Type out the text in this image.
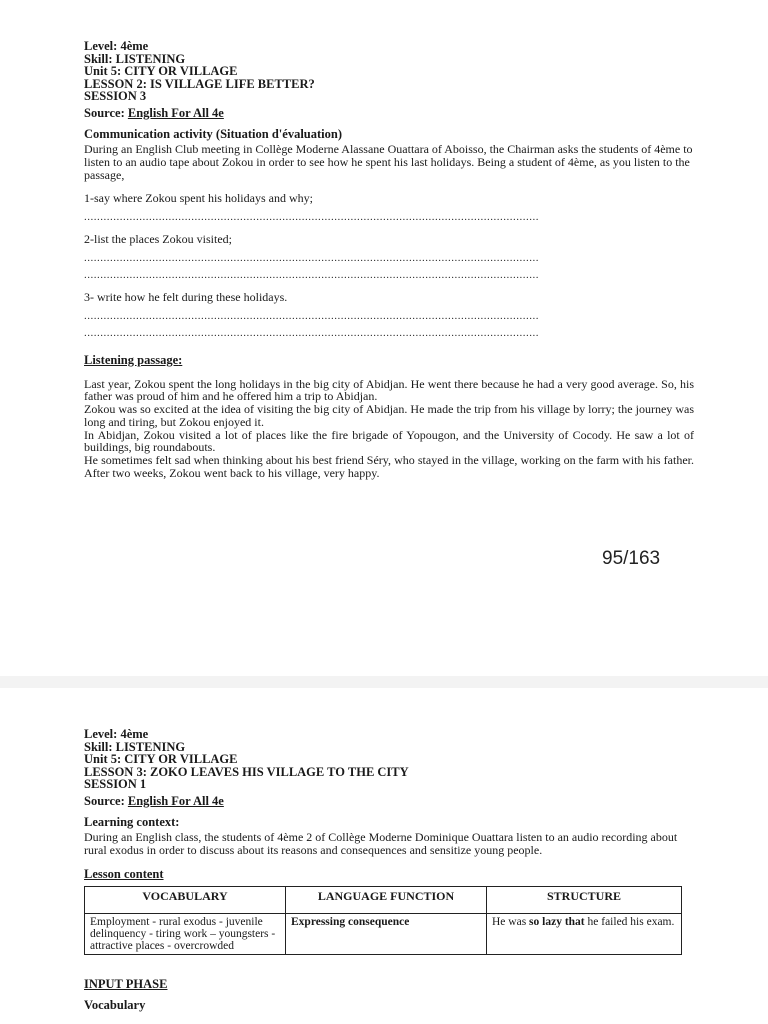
Level: 4ème
Skill: LISTENING
Unit 5: CITY OR VILLAGE
LESSON 2: IS VILLAGE LIFE BETTER?
SESSION 3
Source: English For All 4e
Communication activity (Situation d'évaluation)
During an English Club meeting in Collège Moderne Alassane Ouattara of Aboisso, the Chairman asks the students of 4ème to listen to an audio tape about Zokou in order to see how he spent his last holidays. Being a student of 4ème, as you listen to the passage,
1-say where Zokou spent his holidays and why;
............................................................................................................................................
2-list the places Zokou visited;
............................................................................................................................................
............................................................................................................................................
3- write how he felt during these holidays.
............................................................................................................................................
............................................................................................................................................
Listening passage:
Last year, Zokou spent the long holidays in the big city of Abidjan. He went there because he had a very good average. So, his father was proud of him and he offered him a trip to Abidjan.
Zokou was so excited at the idea of visiting the big city of Abidjan. He made the trip from his village by lorry; the journey was long and tiring, but Zokou enjoyed it.
In Abidjan, Zokou visited a lot of places like the fire brigade of Yopougon, and the University of Cocody. He saw a lot of buildings, big roundabouts.
He sometimes felt sad when thinking about his best friend Séry, who stayed in the village, working on the farm with his father. After two weeks, Zokou went back to his village, very happy.
95/163
Level: 4ème
Skill: LISTENING
Unit 5: CITY OR VILLAGE
LESSON 3: ZOKO LEAVES HIS VILLAGE TO THE CITY
SESSION 1
Source: English For All 4e
Learning context:
During an English class, the students of 4ème 2 of Collège Moderne Dominique Ouattara listen to an audio recording about rural exodus in order to discuss about its reasons and consequences and sensitize young people.
Lesson content
VOCABULARY	LANGUAGE FUNCTION	STRUCTURE
Employment - rural exodus - juvenile delinquency - tiring work – youngsters - attractive places - overcrowded	Expressing consequence	He was so lazy that he failed his exam.
INPUT PHASE
Vocabulary
